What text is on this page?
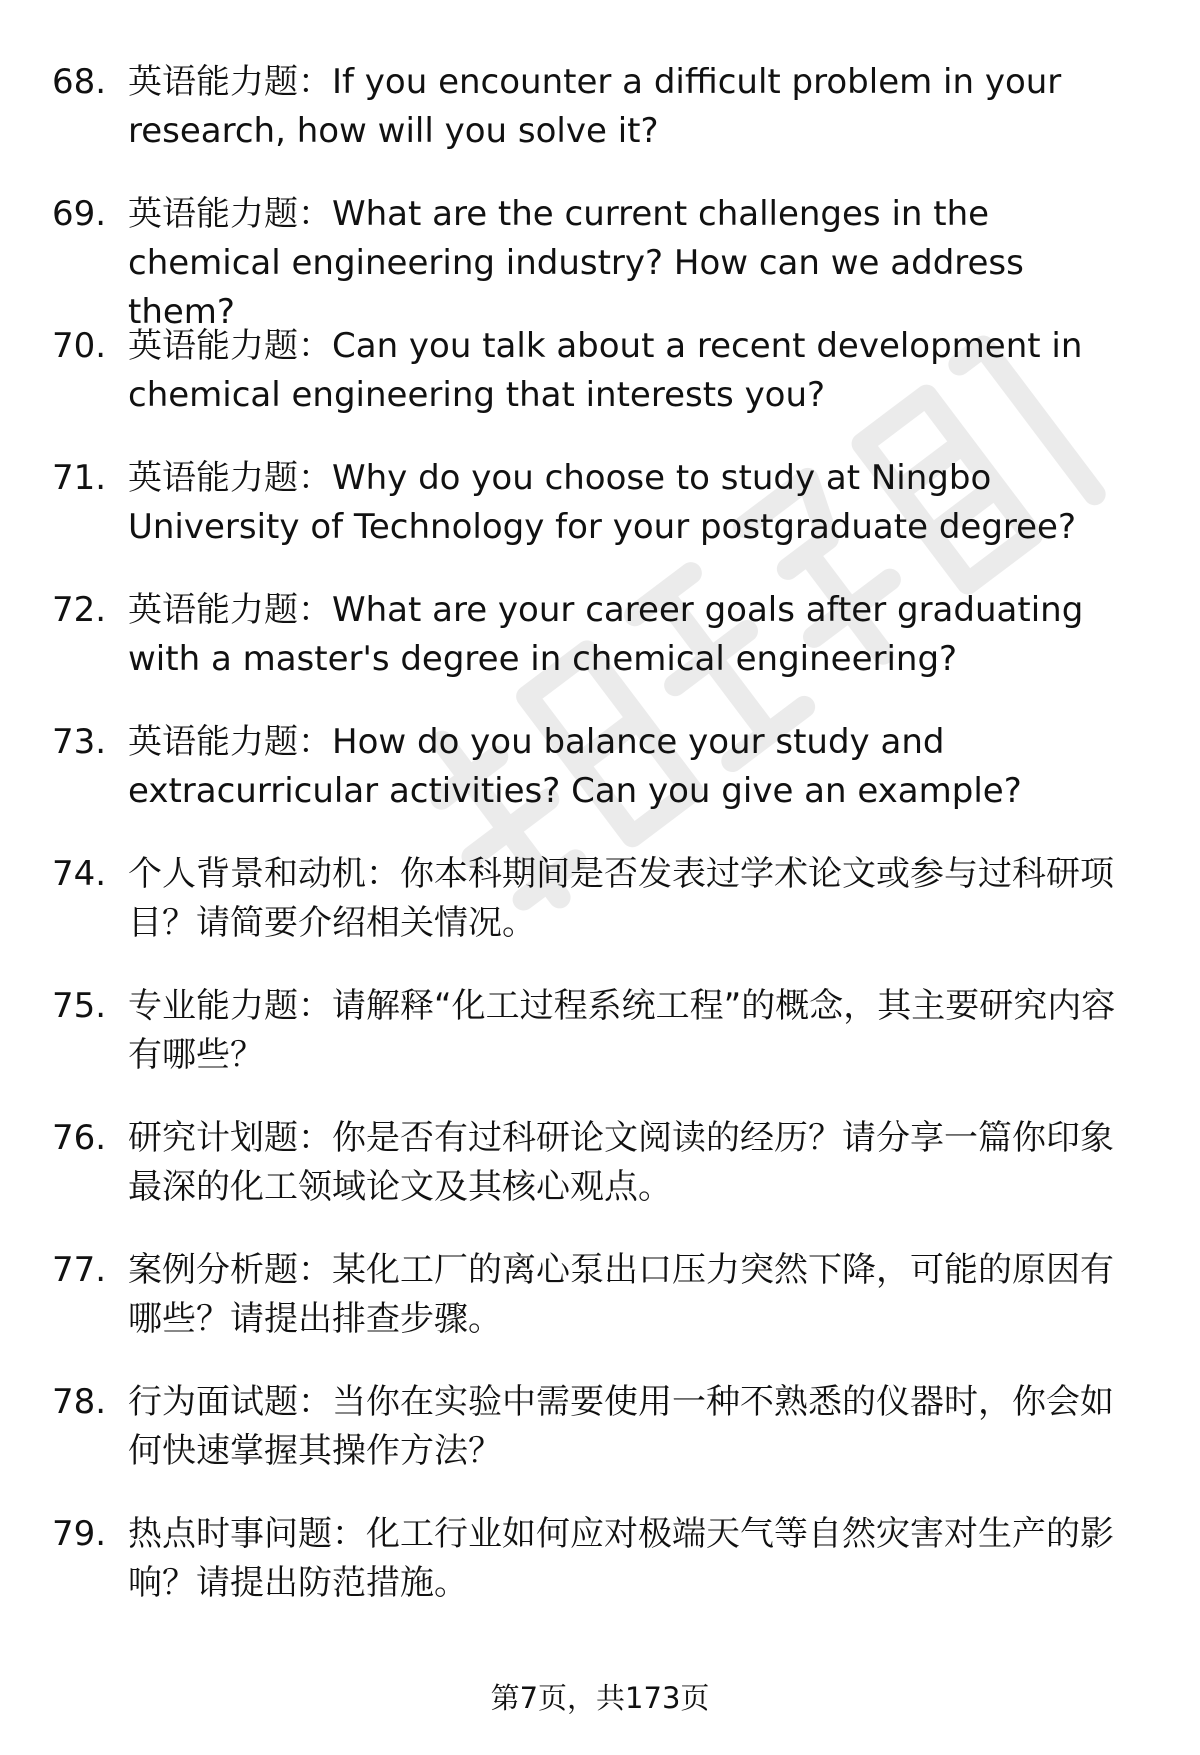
68. 英语能力题：If you encounter a difficult problem in your research, how will you solve it?

69. 英语能力题：What are the current challenges in the chemical engineering industry? How can we address them?

70. 英语能力题：Can you talk about a recent development in chemical engineering that interests you?

71. 英语能力题：Why do you choose to study at Ningbo University of Technology for your postgraduate degree?

72. 英语能力题：What are your career goals after graduating with a master's degree in chemical engineering?

73. 英语能力题：How do you balance your study and extracurricular activities? Can you give an example?

74. 个人背景和动机：你本科期间是否发表过学术论文或参与过科研项目？请简要介绍相关情况。

75. 专业能力题：请解释“化工过程系统工程”的概念，其主要研究内容有哪些？

76. 研究计划题：你是否有过科研论文阅读的经历？请分享一篇你印象最深的化工领域论文及其核心观点。

77. 案例分析题：某化工厂的离心泵出口压力突然下降，可能的原因有哪些？请提出排查步骤。

78. 行为面试题：当你在实验中需要使用一种不熟悉的仪器时，你会如何快速掌握其操作方法？

79. 热点时事问题：化工行业如何应对极端天气等自然灾害对生产的影响？请提出防范措施。

第7页，共173页
